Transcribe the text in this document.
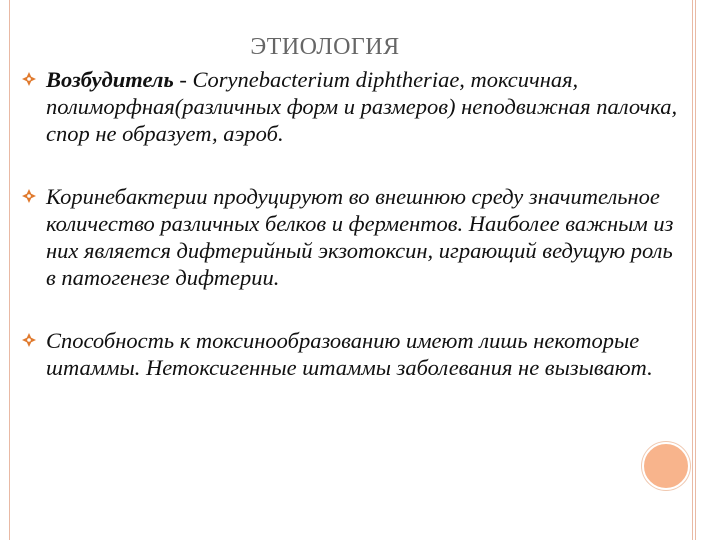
ЭТИОЛОГИЯ
Возбудитель - Corynebacterium diphtheriae, токсичная, полиморфная(различных форм и размеров) неподвижная палочка, спор не образует, аэроб.
Коринебактерии продуцируют во внешнюю среду значительное количество различных белков и ферментов. Наиболее важным из них является дифтерийный экзотоксин, играющий ведущую роль в патогенезе дифтерии.
Способность к токсинообразованию имеют лишь некоторые штаммы. Нетоксигенные штаммы заболевания не вызывают.
